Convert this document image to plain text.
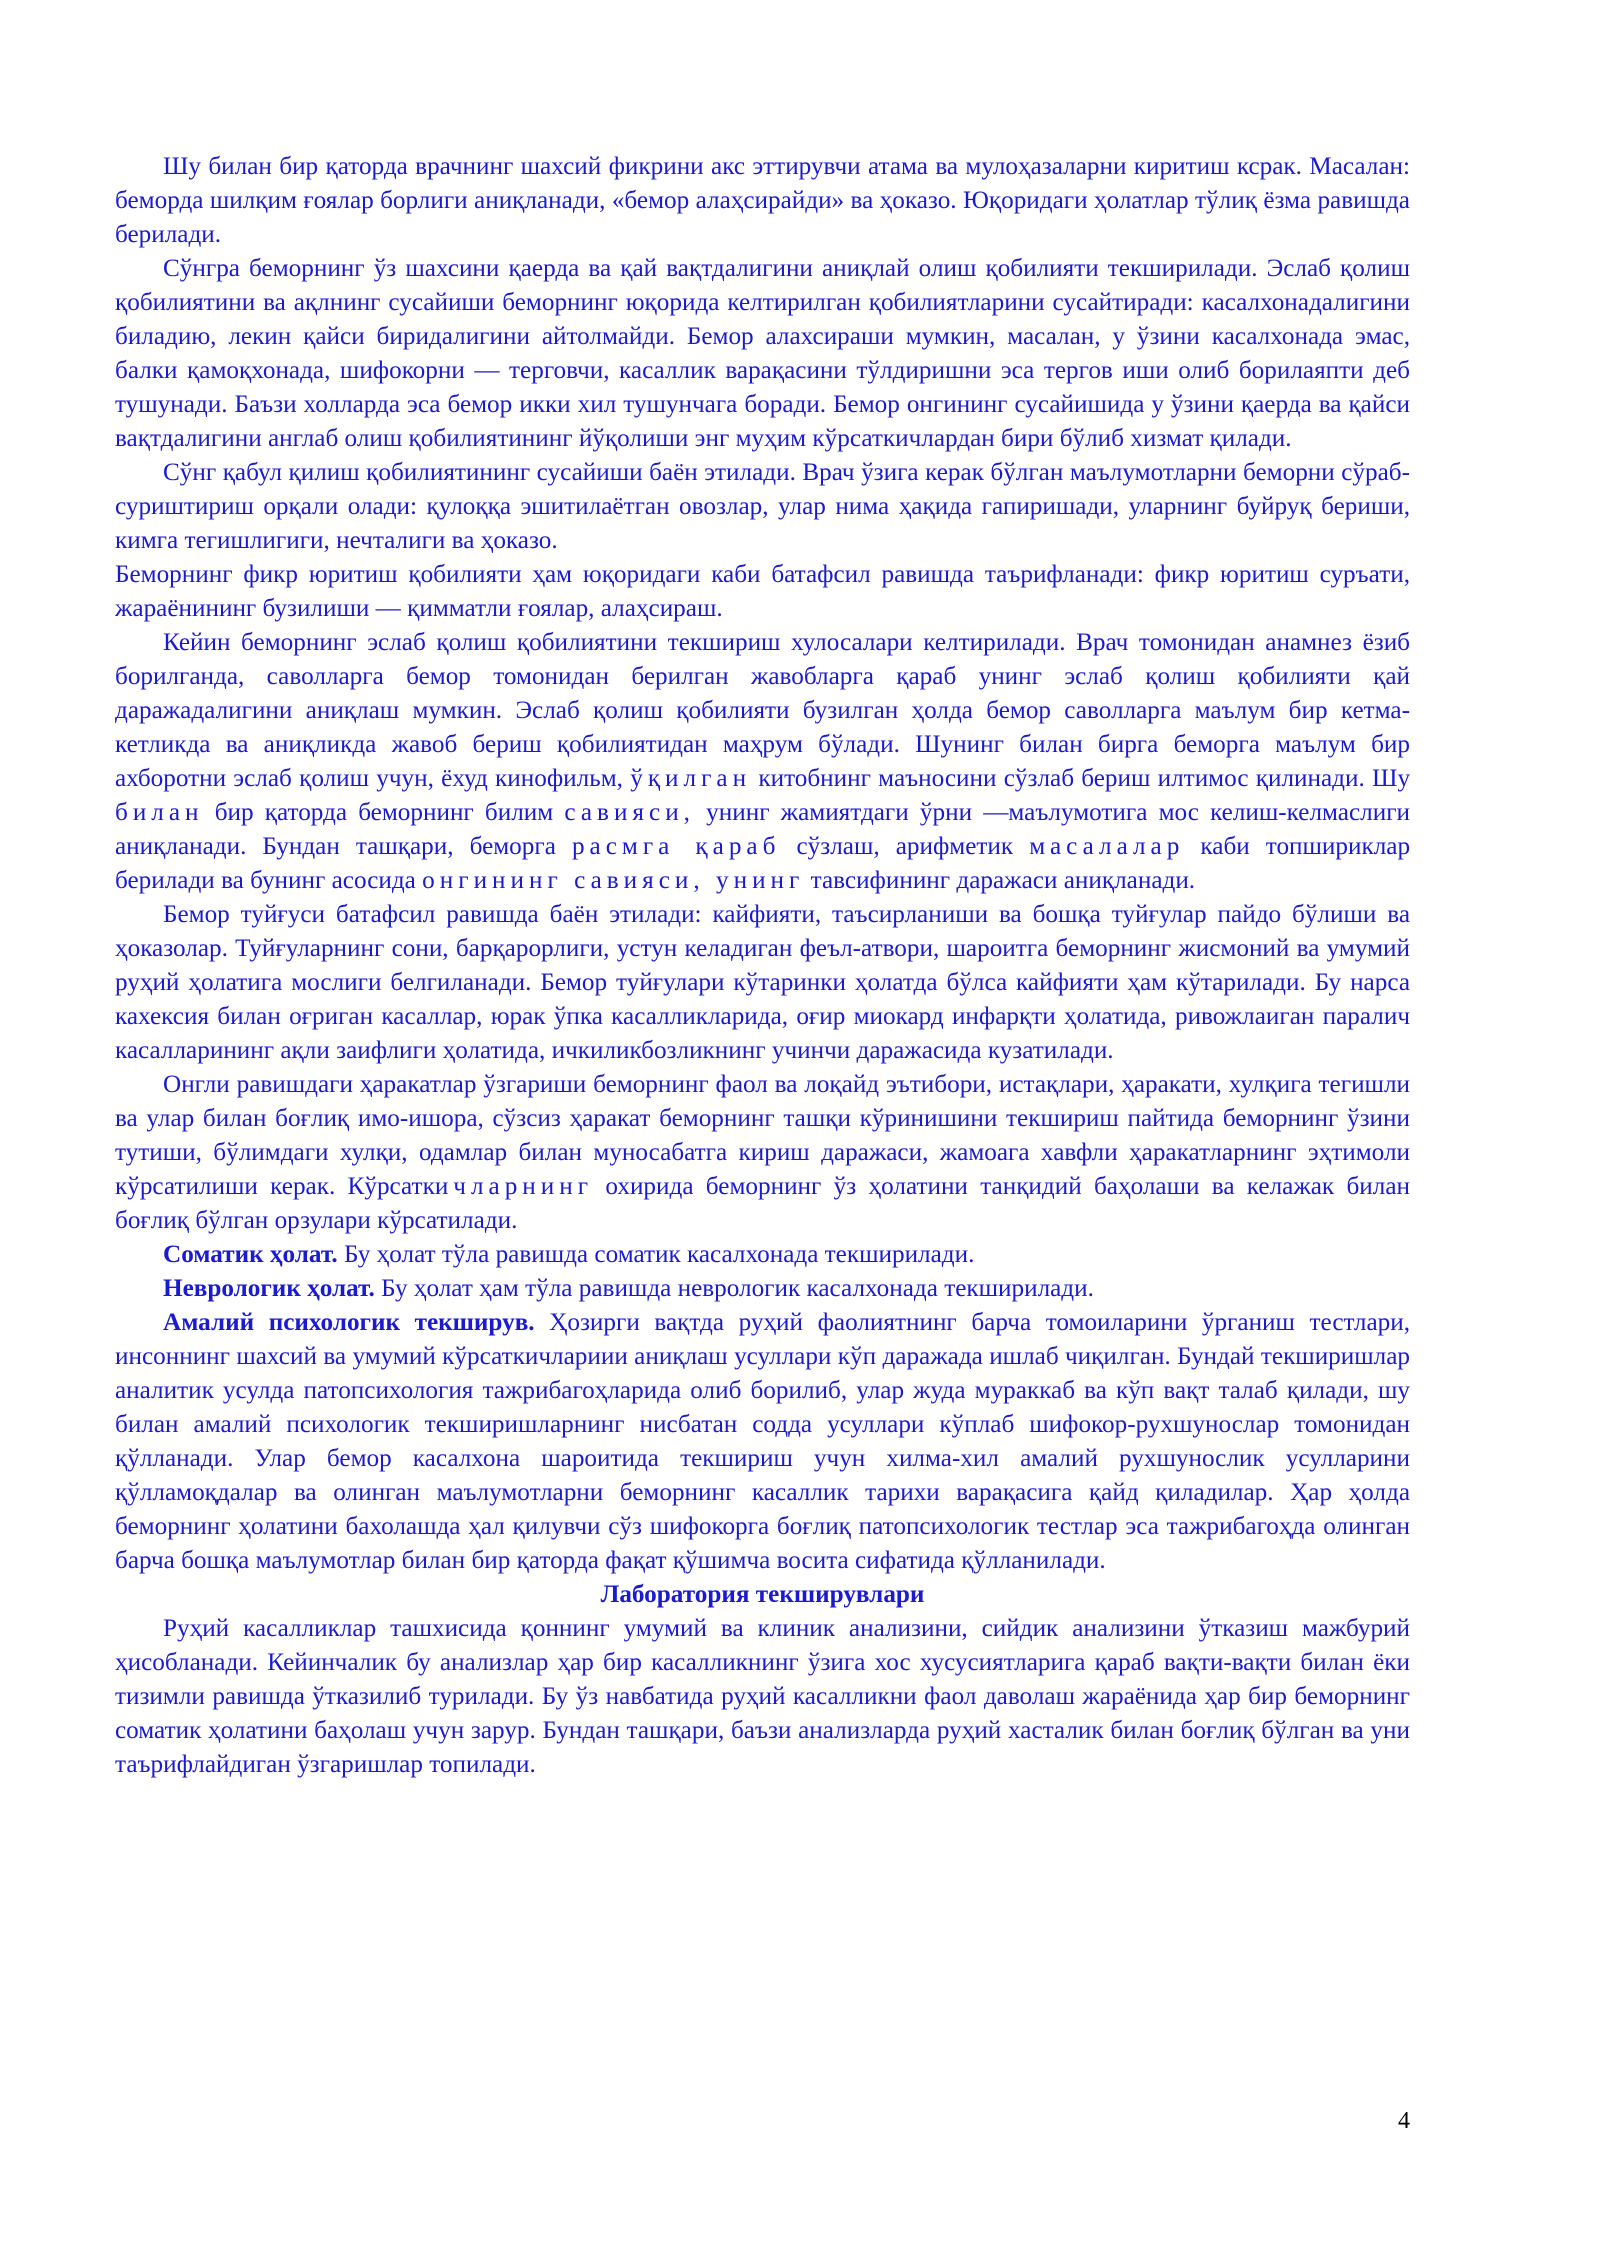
Шу билан бир қаторда врачнинг шахсий фикрини акс эттирувчи атама ва мулоҳазаларни киритиш ксрак. Масалан: беморда шилқим ғоялар борлиги аниқланади, «бемор алаҳсирайди» ва ҳоказо. Юқоридаги ҳолатлар тўлиқ ёзма равишда берилади.

Сўнгра беморнинг ўз шахсини қаерда ва қай вақтдалигини аниқлай олиш қобилияти текширилади. Эслаб қолиш қобилиятини ва ақлнинг сусайиши беморнинг юқорида келтирилган қобилиятларини сусайтиради: касалхонадалигини биладию, лекин қайси биридалигини айтолмайди. Бемор алахсираши мумкин, масалан, у ўзини касалхонада эмас, балки қамоқхонада, шифокорни — терговчи, касаллик варақасини тўлдиришни эса тергов иши олиб борилаяпти деб тушунади. Баъзи холларда эса бемор икки хил тушунчага боради. Бемор онгининг сусайишида у ўзини қаерда ва қайси вақтдалигини англаб олиш қобилиятининг йўқолиши энг муҳим кўрсаткичлардан бири бўлиб хизмат қилади.

Сўнг қабул қилиш қобилиятининг сусайиши баён этилади. Врач ўзига керак бўлган маълумотларни беморни сўраб-суриштириш орқали олади: қулоққа эшитилаётган овозлар, улар нима ҳақида гапиришади, уларнинг буйруқ бериши, кимга тегишлигиги, нечталиги ва ҳоказо.

Беморнинг фикр юритиш қобилияти ҳам юқоридаги каби батафсил равишда таърифланади: фикр юритиш суръати, жараёнининг бузилиши — қимматли ғоялар, алаҳсираш.

Кейин беморнинг эслаб қолиш қобилиятини текшириш хулосалари келтирилади. Врач томонидан анамнез ёзиб борилганда, саволларга бемор томонидан берилган жавобларга қараб унинг эслаб қолиш қобилияти қай даражадалигини аниқлаш мумкин. Эслаб қолиш қобилияти бузилган ҳолда бемор саволларга маълум бир кетма-кетликда ва аниқликда жавоб бериш қобилиятидан маҳрум бўлади. Шунинг билан бирга беморга маълум бир ахборотни эслаб қолиш учун, ёхуд кинофильм, ўқилган китобнинг маъносини сўзлаб бериш илтимос қилинади. Шу билан бир қаторда беморнинг билим савияси, унинг жамиятдаги ўрни —маълумотига мос келиш-келмаслиги аниқланади. Бундан ташқари, беморга расмга қараб сўзлаш, арифметик масалалар каби топшириклар берилади ва бунинг асосида онгининг савияси, унинг тавсифининг даражаси аниқланади.

Бемор туйғуси батафсил равишда баён этилади: кайфияти, таъсирланиши ва бошқа туйғулар пайдо бўлиши ва ҳоказолар. Туйғуларнинг сони, барқарорлиги, устун келадиган феъл-атвори, шароитга беморнинг жисмоний ва умумий руҳий ҳолатига мослиги белгиланади. Бемор туйғулари кўтаринки ҳолатда бўлса кайфияти ҳам кўтарилади. Бу нарса кахексия билан оғриган касаллар, юрак ўпка касалликларида, оғир миокард инфарқти ҳолатида, ривожлаиган паралич касалларининг ақли заифлиги ҳолатида, ичкиликбозликнинг учинчи даражасида кузатилади.

Онгли равишдаги ҳаракатлар ўзгариши беморнинг фаол ва лоқайд эътибори, истақлари, ҳаракати, хулқига тегишли ва улар билан боғлиқ имо-ишора, сўзсиз ҳаракат беморнинг ташқи кўринишини текшириш пайтида беморнинг ўзини тутиши, бўлимдаги хулқи, одамлар билан муносабатга кириш даражаси, жамоага хавфли ҳаракатларнинг эҳтимоли кўрсатилиши керак. Кўрсаткичларнинг охирида беморнинг ўз ҳолатини танқидий баҳолаши ва келажак билан боғлиқ бўлган орзулари кўрсатилади.

Соматик ҳолат. Бу ҳолат тўла равишда соматик касалхонада текширилади.

Неврологик ҳолат. Бу ҳолат ҳам тўла равишда неврологик касалхонада текширилади.

Амалий психологик текширув. Ҳозирги вақтда руҳий фаолиятнинг барча томоиларини ўрганиш тестлари, инсоннинг шахсий ва умумий кўрсаткичлариии аниқлаш усуллари кўп даражада ишлаб чиқилган. Бундай текширишлар аналитик усулда патопсихология тажрибагоҳларида олиб борилиб, улар жуда мураккаб ва кўп вақт талаб қилади, шу билан амалий психологик текширишларнинг нисбатан содда усуллари кўплаб шифокор-рухшунослар томонидан қўлланади. Улар бемор касалхона шароитида текшириш учун хилма-хил амалий рухшунослик усулларини қўлламоқдалар ва олинган маълумотларни беморнинг касаллик тарихи варақасига қайд қиладилар. Ҳар ҳолда беморнинг ҳолатини бахолашда ҳал қилувчи сўз шифокорга боғлиқ патопсихологик тестлар эса тажрибагоҳда олинган барча бошқа маълумотлар билан бир қаторда фақат қўшимча восита сифатида қўлланилади.

Лаборатория текширувлари

Руҳий касалликлар ташхисида қоннинг умумий ва клиник анализини, сийдик анализини ўтказиш мажбурий ҳисобланади. Кейинчалик бу анализлар ҳар бир касалликнинг ўзига хос хусусиятларига қараб вақти-вақти билан ёки тизимли равишда ўтказилиб турилади. Бу ўз навбатида руҳий касалликни фаол даволаш жараёнида ҳар бир беморнинг соматик ҳолатини баҳолаш учун зарур. Бундан ташқари, баъзи анализларда руҳий хасталик билан боғлиқ бўлган ва уни таърифлайдиган ўзгаришлар топилади.

4
